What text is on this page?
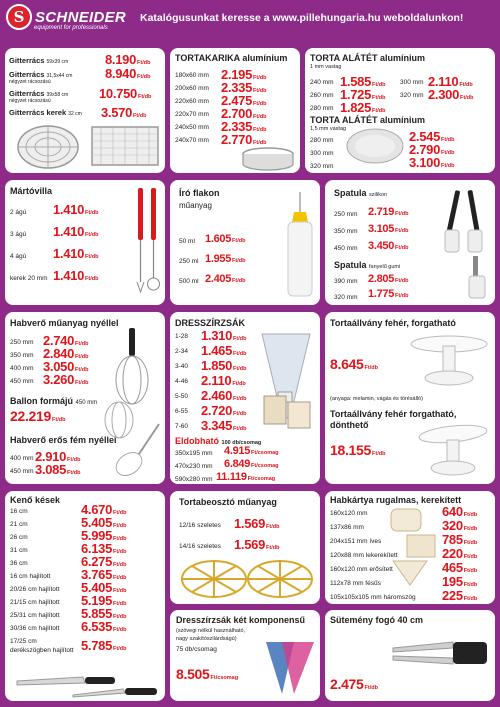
S SCHNEIDER
equipment for professionals
Katalógusunkat keresse a www.pillehungaria.hu weboldalunkon!
Gitterrács 59x39 cm	8.190Ft/db
Gitterrács 31,5x44 cm
négyzet rácsozású
8.940Ft/db
Gitterrács 39x58 cm
négyzet rácsozású	10.750Ft/db
Gitterrács kerek 32 cm 3.570Ft/db
TORTAKARIKA alumínium
180x60 mm 2.195Ft/db
200x60 mm 2.335Ft/db
220x60 mm 2.475Ft/db
220x70 mm 2.700Ft/db
240x50 mm 2.335Ft/db
240x70 mm 2.770Ft/db
TORTA ALÁTÉT alumínium
1 mm vastag
240 mm 1.585Ft/db
260 mm 1.725Ft/db
280 mm 1.825Ft/db
300 mm 2.110Ft/db
320 mm 2.300Ft/db
TORTA ALÁTÉT alumínium
1,5 mm vastag
280 mm	2.545Ft/db
300 mm	2.790Ft/db
320 mm	3.100Ft/db
Mártóvilla
2 ágú 1.410Ft/db
3 ágú 1.410Ft/db
4 ágú 1.410Ft/db
kerek 20 mm 1.410Ft/db
Író flakon
műanyag
50 ml 1.605Ft/db
250 ml 1.955Ft/db
500 ml 2.405Ft/db
Spatula szilikon
250 mm 2.719Ft/db
350 mm 3.105Ft/db
450 mm 3.450Ft/db
Spatula fanyelű gumi
390 mm 2.805Ft/db
320 mm 1.775Ft/db
Habverő műanyag nyéllel
250 mm 2.740Ft/db
350 mm 2.840Ft/db
400 mm 3.050Ft/db
450 mm 3.260Ft/db
Ballon formájú 450 mm
22.219Ft/db
Habverő erős fém nyéllel
400 mm 2.910Ft/db
450 mm 3.085Ft/db
DRESSZÍRZSÁK
1-28 1.310Ft/db
2-34 1.465Ft/db
3-40 1.850Ft/db
4-46 2.110Ft/db
5-50 2.460Ft/db
6-55 2.720Ft/db
7-60 3.345Ft/db
Eldobható 100 db/csomag
350x195 mm 4.915Ft/csomag
470x230 mm 6.849Ft/csomag
590x280 mm 11.119Ft/csomag
Tortaállvány fehér, forgatható
8.645Ft/db
(anyaga: melamin, vágás és törésálló)
Tortaállvány fehér forgatható,
dönthető
18.155Ft/db
Kenő kések
16 cm	4.670Ft/db
21 cm	5.405Ft/db
26 cm	5.995Ft/db
31 cm	6.135Ft/db
36 cm	6.275Ft/db
16 cm hajlított 3.765Ft/db
20/26 cm hajlított 5.405Ft/db
21/15 cm hajlított 5.195Ft/db
25/31 cm hajlított 5.855Ft/db
30/36 cm hajlított 6.535Ft/db
17/25 cm
derékszögben hajlított 5.785Ft/db
Tortabeosztó műanyag
12/16 szeletes 1.569Ft/db
14/16 szeletes 1.569Ft/db
Dresszírzsák két komponensű
(szövegi nélkül használható,
nagy szakítószilárdságú)
75 db/csomag
8.505Ft/csomag
Habkártya rugalmas, kerekített
160x120 mm	640Ft/db
137x86 mm	320Ft/db
204x151 mm íves	785Ft/db
120x88 mm lekerekített	220Ft/db
160x120 mm erősített	465Ft/db
112x78 mm fésűs	195Ft/db
105x105x105 mm háromszög 225Ft/db
Sütemény fogó 40 cm
2.475Ft/db
